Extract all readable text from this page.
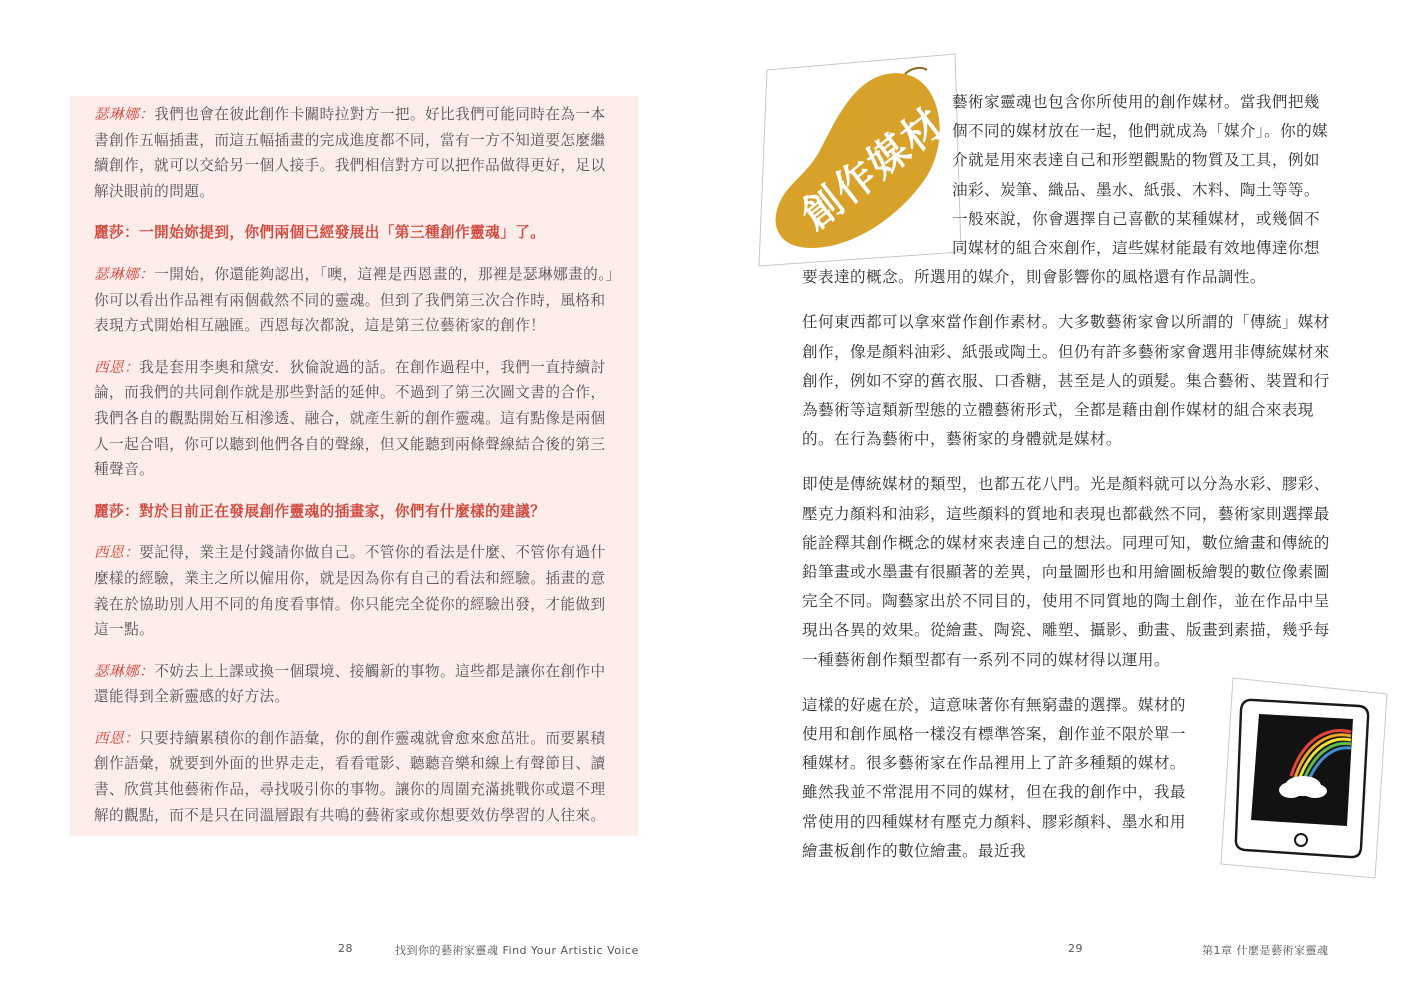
瑟琳娜：我們也會在彼此創作卡關時拉對方一把。好比我們可能同時在為一本書創作五幅插畫，而這五幅插畫的完成進度都不同，當有一方不知道要怎麼繼續創作，就可以交給另一個人接手。我們相信對方可以把作品做得更好，足以解決眼前的問題。

麗莎：一開始妳提到，你們兩個已經發展出「第三種創作靈魂」了。

瑟琳娜：一開始，你還能夠認出，「噢，這裡是西恩畫的，那裡是瑟琳娜畫的。」你可以看出作品裡有兩個截然不同的靈魂。但到了我們第三次合作時，風格和表現方式開始相互融匯。西恩每次都說，這是第三位藝術家的創作！

西恩：我是套用李奧和黛安．狄倫說過的話。在創作過程中，我們一直持續討論，而我們的共同創作就是那些對話的延伸。不過到了第三次圖文書的合作，我們各自的觀點開始互相滲透、融合，就產生新的創作靈魂。這有點像是兩個人一起合唱，你可以聽到他們各自的聲線，但又能聽到兩條聲線結合後的第三種聲音。

麗莎：對於目前正在發展創作靈魂的插畫家，你們有什麼樣的建議？

西恩：要記得，業主是付錢請你做自己。不管你的看法是什麼、不管你有過什麼樣的經驗，業主之所以僱用你，就是因為你有自己的看法和經驗。插畫的意義在於協助別人用不同的角度看事情。你只能完全從你的經驗出發，才能做到這一點。

瑟琳娜：不妨去上上課或換一個環境、接觸新的事物。這些都是讓你在創作中還能得到全新靈感的好方法。

西恩：只要持續累積你的創作語彙，你的創作靈魂就會愈來愈茁壯。而要累積創作語彙，就要到外面的世界走走，看看電影、聽聽音樂和線上有聲節目、讀書、欣賞其他藝術作品，尋找吸引你的事物。讓你的周圍充滿挑戰你或還不理解的觀點，而不是只在同溫層跟有共鳴的藝術家或你想要效仿學習的人往來。

28	找到你的藝術家靈魂 Find Your Artistic Voice
創作媒材

藝術家靈魂也包含你所使用的創作媒材。當我們把幾個不同的媒材放在一起，他們就成為「媒介」。你的媒介就是用來表達自己和形塑觀點的物質及工具，例如油彩、炭筆、織品、墨水、紙張、木料、陶土等等。一般來說，你會選擇自己喜歡的某種媒材，或幾個不同媒材的組合來創作，這些媒材能最有效地傳達你想要表達的概念。所選用的媒介，則會影響你的風格還有作品調性。

任何東西都可以拿來當作創作素材。大多數藝術家會以所謂的「傳統」媒材創作，像是顏料油彩、紙張或陶土。但仍有許多藝術家會選用非傳統媒材來創作，例如不穿的舊衣服、口香糖，甚至是人的頭髮。集合藝術、裝置和行為藝術等這類新型態的立體藝術形式，全都是藉由創作媒材的組合來表現的。在行為藝術中，藝術家的身體就是媒材。

即使是傳統媒材的類型，也都五花八門。光是顏料就可以分為水彩、膠彩、壓克力顏料和油彩，這些顏料的質地和表現也都截然不同，藝術家則選擇最能詮釋其創作概念的媒材來表達自己的想法。同理可知，數位繪畫和傳統的鉛筆畫或水墨畫有很顯著的差異，向量圖形也和用繪圖板繪製的數位像素圖完全不同。陶藝家出於不同目的，使用不同質地的陶土創作，並在作品中呈現出各異的效果。從繪畫、陶瓷、雕塑、攝影、動畫、版畫到素描，幾乎每一種藝術創作類型都有一系列不同的媒材得以運用。

這樣的好處在於，這意味著你有無窮盡的選擇。媒材的使用和創作風格一樣沒有標準答案，創作並不限於單一種媒材。很多藝術家在作品裡用上了許多種類的媒材。雖然我並不常混用不同的媒材，但在我的創作中，我最常使用的四種媒材有壓克力顏料、膠彩顏料、墨水和用繪畫板創作的數位繪畫。最近我

29	第1章 什麼是藝術家靈魂
